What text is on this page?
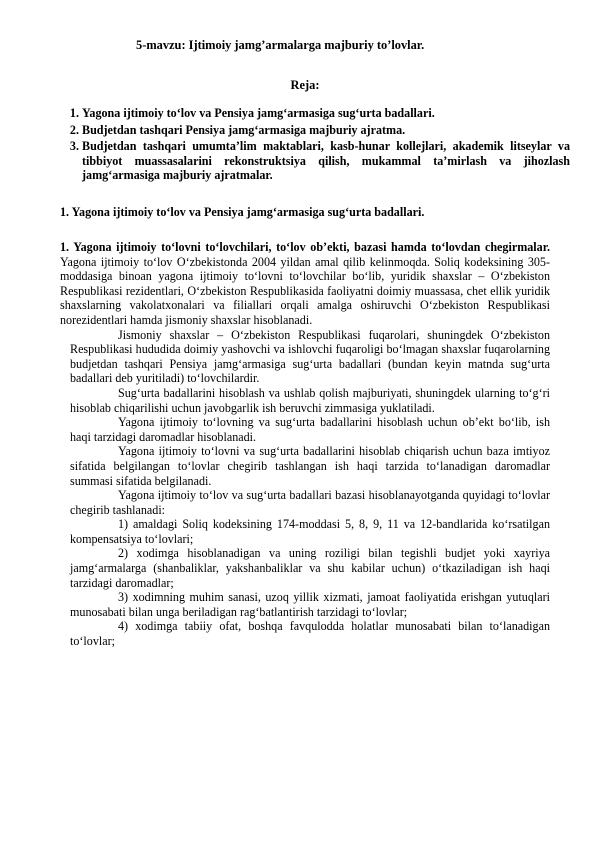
5-mavzu: Ijtimoiy jamg’armalarga majburiy to’lovlar.
Reja:
1. Yagona ijtimoiy to‘lov va Pensiya jamg‘armasiga sug‘urta badallari.
2. Budjetdan tashqari Pensiya jamg‘armasiga majburiy ajratma.
3. Budjetdan tashqari umumta’lim maktablari, kasb-hunar kollejlari, akademik litseylar va tibbiyot muassasalarini rekonstruktsiya qilish, mukammal ta’mirlash va jihozlash jamg‘armasiga majburiy ajratmalar.
1. Yagona ijtimoiy to‘lov va Pensiya jamg‘armasiga sug‘urta badallari.

1. Yagona ijtimoiy to‘lovni to‘lovchilari, to‘lov ob’ekti, bazasi hamda to‘lovdan chegirmalar. Yagona ijtimoiy to‘lov O‘zbekistonda 2004 yildan amal qilib kelinmoqda. Soliq kodeksining 305-moddasiga binoan yagona ijtimoiy to‘lovni to‘lovchilar bo‘lib, yuridik shaxslar – O‘zbekiston Respublikasi rezidentlari, O‘zbekiston Respublikasida faoliyatni doimiy muassasa, chet ellik yuridik shaxslarning vakolatxonalari va filiallari orqali amalga oshiruvchi O‘zbekiston Respublikasi norezidentlari hamda jismoniy shaxslar hisoblanadi.

Jismoniy shaxslar – O‘zbekiston Respublikasi fuqarolari, shuningdek O‘zbekiston Respublikasi hududida doimiy yashovchi va ishlovchi fuqaroligi bo‘lmagan shaxslar fuqarolarning budjetdan tashqari Pensiya jamg‘armasiga sug‘urta badallari (bundan keyin matnda sug‘urta badallari deb yuritiladi) to‘lovchilardir.

Sug‘urta badallarini hisoblash va ushlab qolish majburiyati, shuningdek ularning to‘g‘ri hisoblab chiqarilishi uchun javobgarlik ish beruvchi zimmasiga yuklatiladi.

Yagona ijtimoiy to‘lovning va sug‘urta badallarini hisoblash uchun ob’ekt bo‘lib, ish haqi tarzidagi daromadlar hisoblanadi.

Yagona ijtimoiy to‘lovni va sug‘urta badallarini hisoblab chiqarish uchun baza imtiyoz sifatida belgilangan to‘lovlar chegirib tashlangan ish haqi tarzida to‘lanadigan daromadlar summasi sifatida belgilanadi.

Yagona ijtimoiy to‘lov va sug‘urta badallari bazasi hisoblanayotganda quyidagi to‘lovlar chegirib tashlanadi:

1) amaldagi Soliq kodeksining 174-moddasi 5, 8, 9, 11 va 12-bandlarida ko‘rsatilgan kompensatsiya to‘lovlari;

2) xodimga hisoblanadigan va uning roziligi bilan tegishli budjet yoki xayriya jamg‘armalarga (shanbaliklar, yakshanbaliklar va shu kabilar uchun) o‘tkaziladigan ish haqi tarzidagi daromadlar;

3) xodimning muhim sanasi, uzoq yillik xizmati, jamoat faoliyatida erishgan yutuqlari munosabati bilan unga beriladigan rag‘batlantirish tarzidagi to‘lovlar;

4) xodimga tabiiy ofat, boshqa favqulodda holatlar munosabati bilan to‘lanadigan to‘lovlar;
